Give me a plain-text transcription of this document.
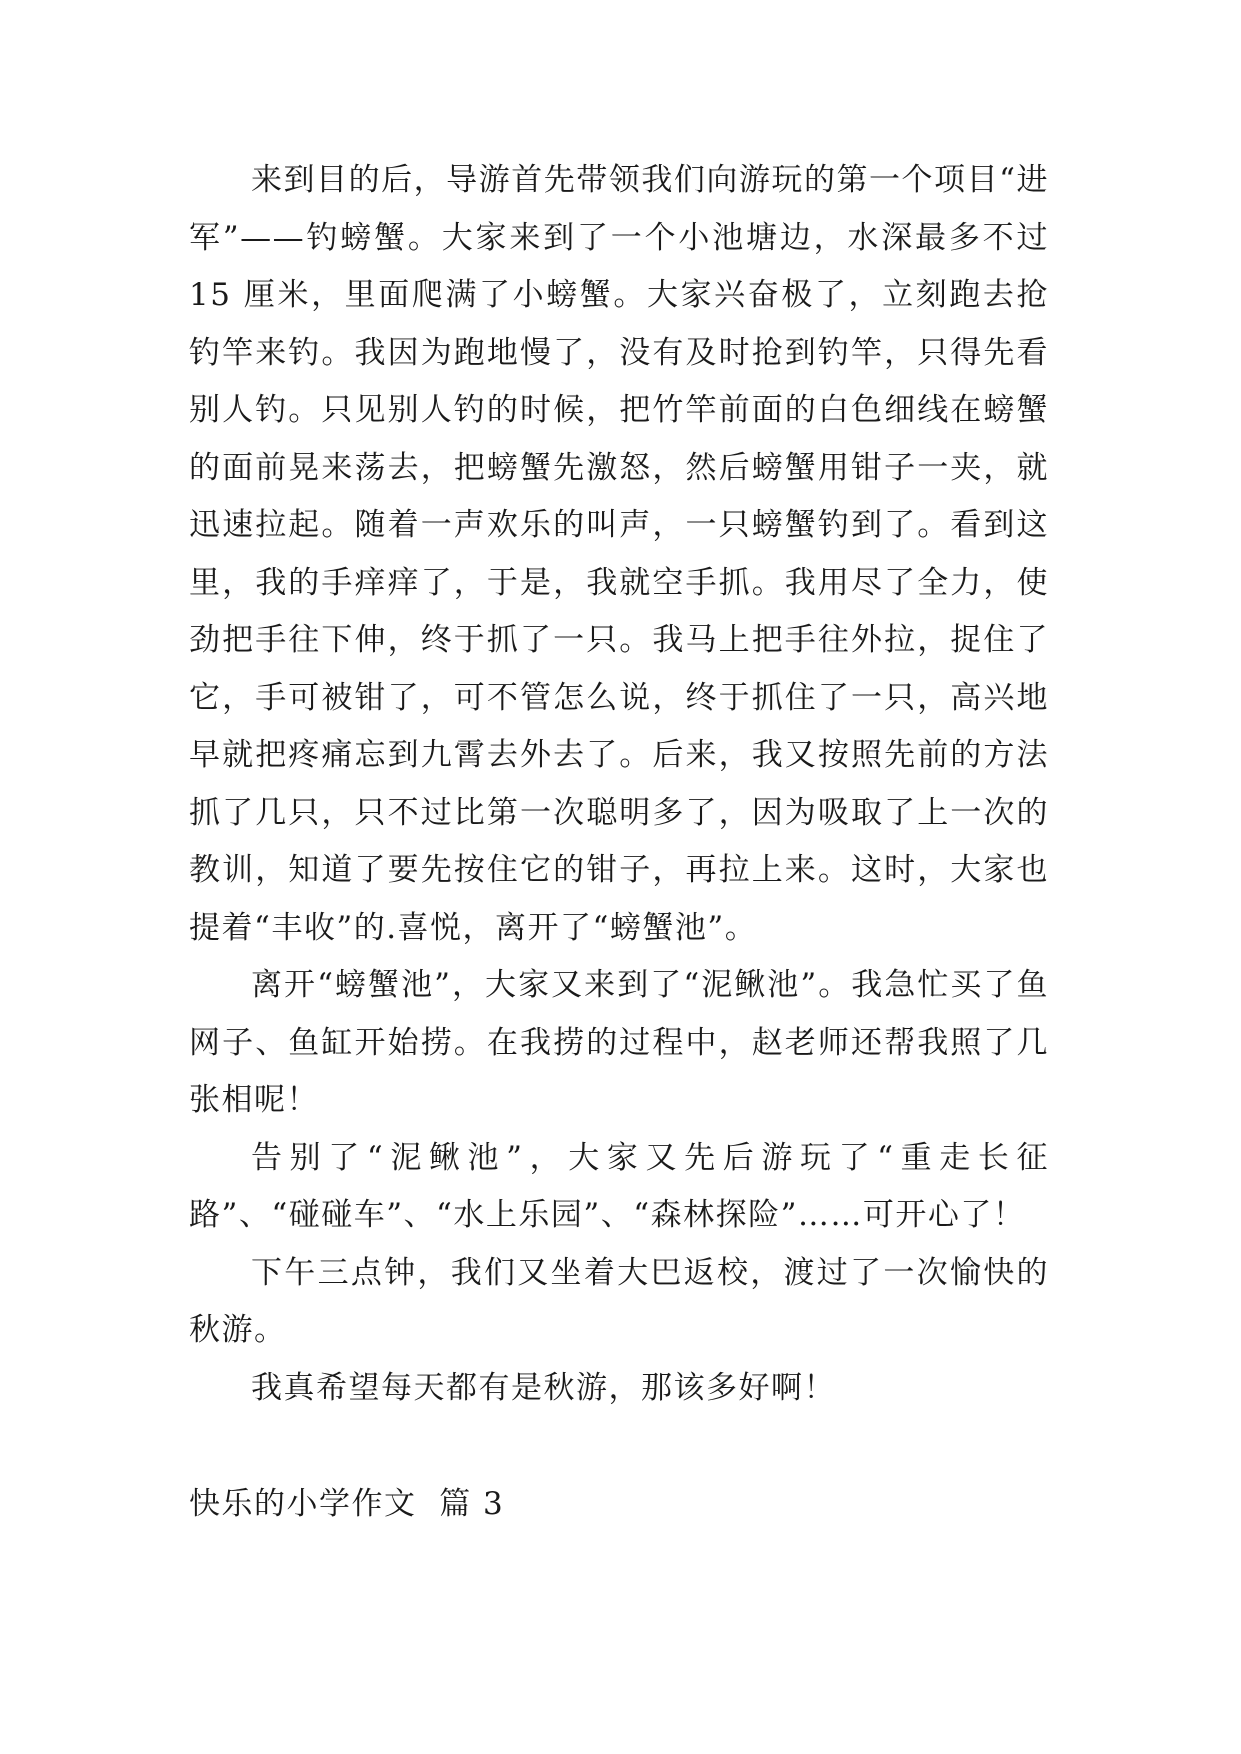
来到目的后，导游首先带领我们向游玩的第一个项目“进军”——钓螃蟹。大家来到了一个小池塘边，水深最多不过 15 厘米，里面爬满了小螃蟹。大家兴奋极了，立刻跑去抢钓竿来钓。我因为跑地慢了，没有及时抢到钓竿，只得先看别人钓。只见别人钓的时候，把竹竿前面的白色细线在螃蟹的面前晃来荡去，把螃蟹先激怒，然后螃蟹用钳子一夹，就迅速拉起。随着一声欢乐的叫声，一只螃蟹钓到了。看到这里，我的手痒痒了，于是，我就空手抓。我用尽了全力，使劲把手往下伸，终于抓了一只。我马上把手往外拉，捉住了它，手可被钳了，可不管怎么说，终于抓住了一只，高兴地早就把疼痛忘到九霄去外去了。后来，我又按照先前的方法抓了几只，只不过比第一次聪明多了，因为吸取了上一次的教训，知道了要先按住它的钳子，再拉上来。这时，大家也提着“丰收”的.喜悦，离开了“螃蟹池”。

离开“螃蟹池”，大家又来到了“泥鳅池”。我急忙买了鱼网子、鱼缸开始捞。在我捞的过程中，赵老师还帮我照了几张相呢！

告别了“泥鳅池”，大家又先后游玩了“重走长征路”、“碰碰车”、“水上乐园”、“森林探险”……可开心了！

下午三点钟，我们又坐着大巴返校，渡过了一次愉快的秋游。

我真希望每天都有是秋游，那该多好啊！

快乐的小学作文  篇 3
